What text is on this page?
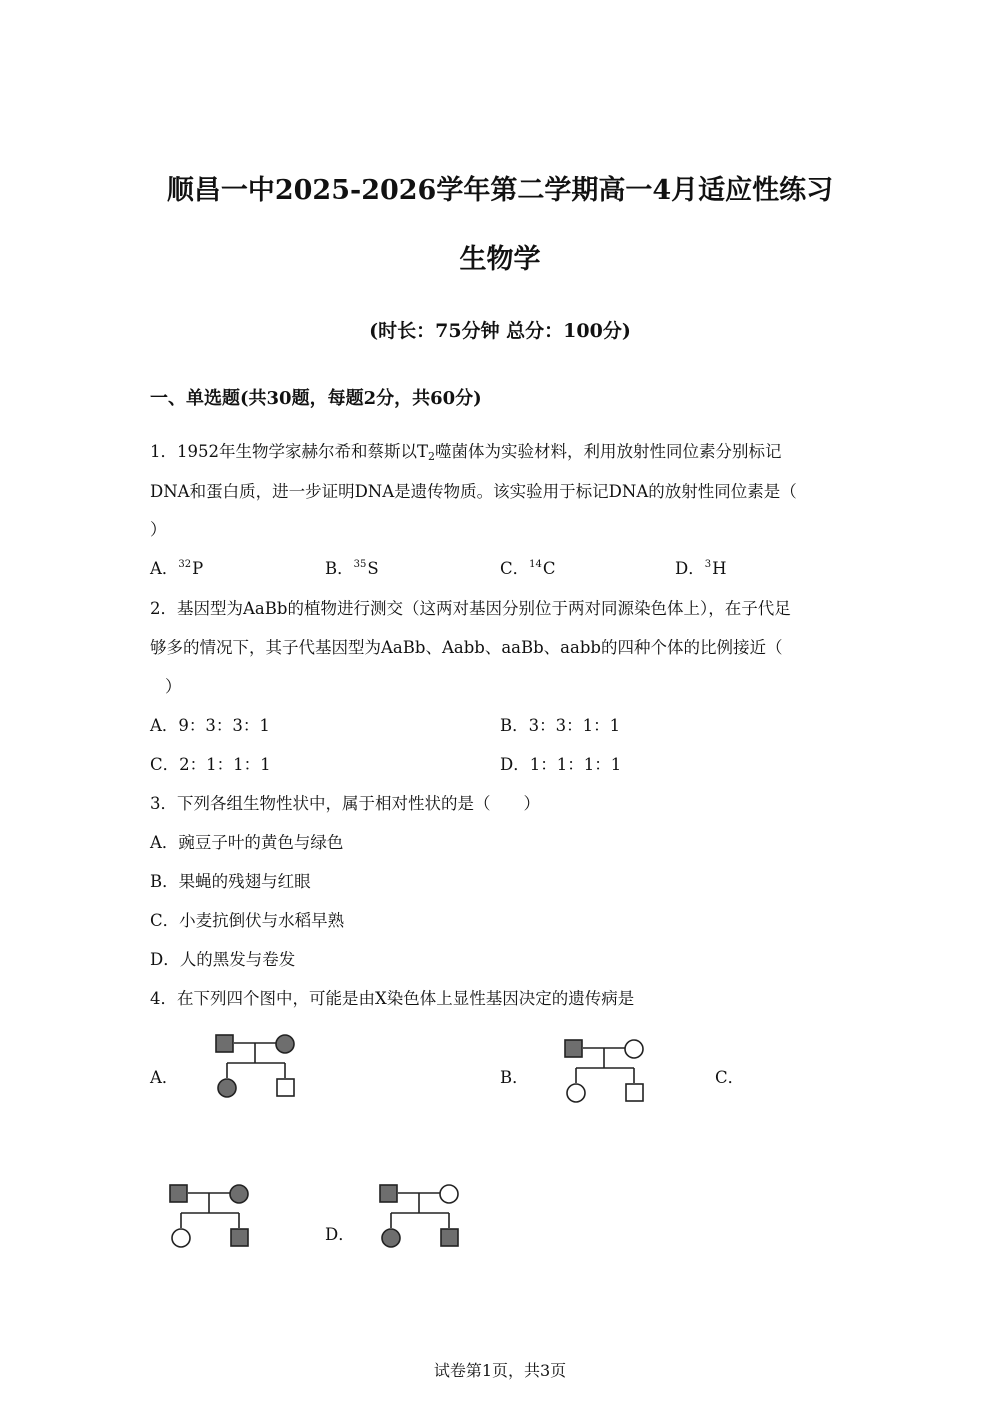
顺昌一中2025-2026学年第二学期高一4月适应性练习
生物学
(时长：75分钟 总分：100分)
一、单选题(共30题，每题2分，共60分)
1．1952年生物学家赫尔希和蔡斯以$T_2$噬菌体为实验材料，利用放射性同位素分别标记
DNA和蛋白质，进一步证明DNA是遗传物质。该实验用于标记DNA的放射性同位素是（
）
A．$^{32}$P	B．$^{35}$S	C．$^{14}$C	D．$^3$H
2．基因型为AaBb的植物进行测交（这两对基因分别位于两对同源染色体上），在子代足
够多的情况下，其子代基因型为AaBb、Aabb、aaBb、aabb的四种个体的比例接近（
）
A．9：3：3：1	B．3：3：1：1
C．2：1：1：1	D．1：1：1：1
3．下列各组生物性状中，属于相对性状的是（　　）
A．豌豆子叶的黄色与绿色
B．果蝇的残翅与红眼
C．小麦抗倒伏与水稻早熟
D．人的黑发与卷发
4．在下列四个图中，可能是由X染色体上显性基因决定的遗传病是
A．	B．	C．
D．
试卷第1页，共3页
